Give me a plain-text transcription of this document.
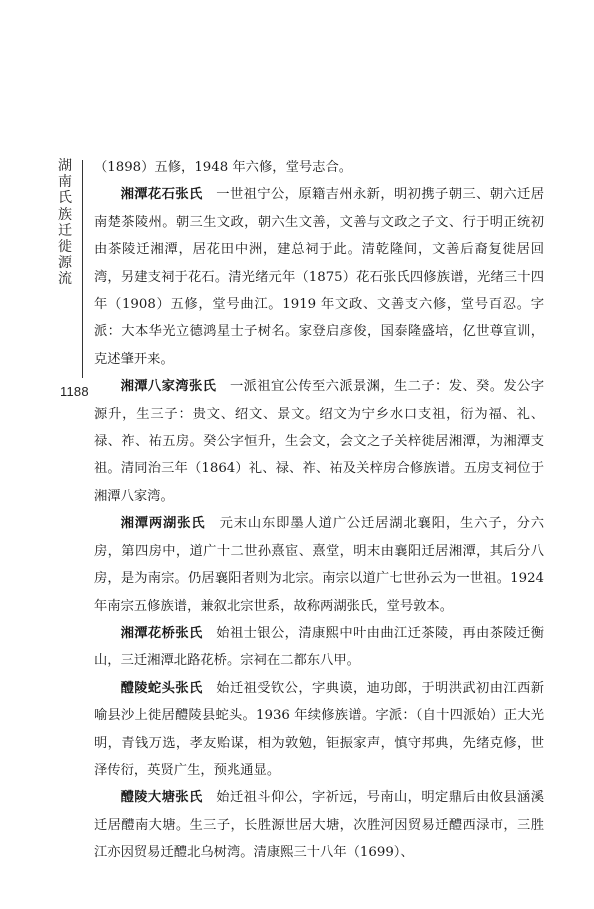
湖
南
氏
族
迁
徙
源
流
1188

（1898）五修，1948 年六修，堂号志合。

湘潭花石张氏　 一世祖宁公，原籍吉州永新，明初携子朝三、朝六迁居南楚茶陵州。朝三生文政，朝六生文善，文善与文政之子文、行于明正统初由茶陵迁湘潭，居花田中洲，建总祠于此。清乾隆间，文善后裔复徙居回湾，另建支祠于花石。清光绪元年（1875）花石张氏四修族谱，光绪三十四年（1908）五修，堂号曲江。1919 年文政、文善支六修，堂号百忍。字派：大本华光立德鸿星士子树名。家登启彦俊，国泰隆盛培，亿世尊宣训，克述肇开来。

湘潭八家湾张氏　 一派祖宜公传至六派景渊，生二子：发、癸。发公字源升，生三子：贵文、绍文、景文。绍文为宁乡水口支祖，衍为福、礼、禄、祚、祐五房。癸公字恒升，生会文，会文之子关梓徙居湘潭，为湘潭支祖。清同治三年（1864）礼、禄、祚、祐及关梓房合修族谱。五房支祠位于湘潭八家湾。

湘潭两湖张氏　 元末山东即墨人道广公迁居湖北襄阳，生六子，分六房，第四房中，道广十二世孙熹宦、熹堂，明末由襄阳迁居湘潭，其后分八房，是为南宗。仍居襄阳者则为北宗。南宗以道广七世孙云为一世祖。1924 年南宗五修族谱，兼叙北宗世系，故称两湖张氏，堂号敦本。

湘潭花桥张氏　 始祖士银公，清康熙中叶由曲江迁茶陵，再由茶陵迁衡山，三迁湘潭北路花桥。宗祠在二都东八甲。

醴陵蛇头张氏　 始迁祖受钦公，字典谟，迪功郎，于明洪武初由江西新喻县沙上徙居醴陵县蛇头。1936 年续修族谱。字派：（自十四派始）正大光明，青钱万选，孝友贻谋，相为敦勉，钜振家声，慎守邦典，先绪克修，世泽传衍，英贤广生，预兆通显。

醴陵大塘张氏　 始迁祖斗仰公，字祈远，号南山，明定鼎后由攸县涵溪迁居醴南大塘。生三子，长胜源世居大塘，次胜河因贸易迁醴西渌市，三胜江亦因贸易迁醴北乌树湾。清康熙三十八年（1699）、
